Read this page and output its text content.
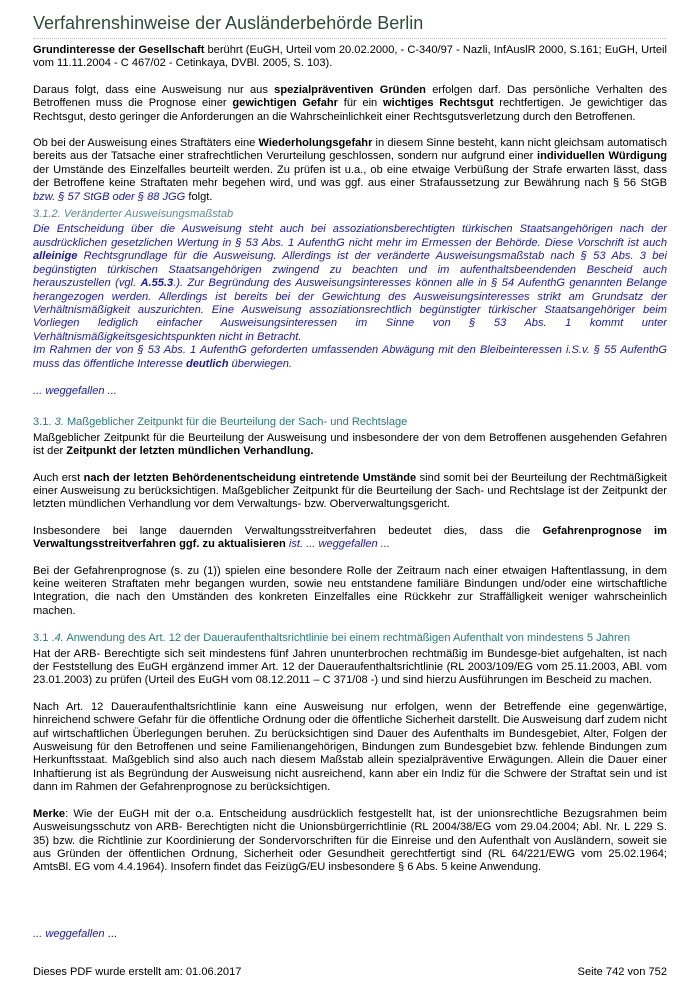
Verfahrenshinweise der Ausländerbehörde Berlin

Grundinteresse der Gesellschaft berührt (EuGH, Urteil vom 20.02.2000, - C-340/97 - Nazli, InfAuslR 2000, S.161; EuGH, Urteil vom 11.11.2004 - C 467/02 - Cetinkaya, DVBl. 2005, S. 103).

Daraus folgt, dass eine Ausweisung nur aus spezialpräventiven Gründen erfolgen darf. Das persönliche Verhalten des Betroffenen muss die Prognose einer gewichtigen Gefahr für ein wichtiges Rechtsgut rechtfertigen. Je gewichtiger das Rechtsgut, desto geringer die Anforderungen an die Wahrscheinlichkeit einer Rechtsgutsverletzung durch den Betroffenen.

Ob bei der Ausweisung eines Straftäters eine Wiederholungsgefahr in diesem Sinne besteht, kann nicht gleichsam automatisch bereits aus der Tatsache einer strafrechtlichen Verurteilung geschlossen, sondern nur aufgrund einer individuellen Würdigung der Umstände des Einzelfalles beurteilt werden. Zu prüfen ist u.a., ob eine etwaige Verbüßung der Strafe erwarten lässt, dass der Betroffene keine Straftaten mehr begehen wird, und was ggf. aus einer Strafaussetzung zur Bewährung nach § 56 StGB bzw. § 57 StGB oder § 88 JGG folgt.

3.1.2. Veränderter Ausweisungsmaßstab

Die Entscheidung über die Ausweisung steht auch bei assoziationsberechtigten türkischen Staatsangehörigen nach der ausdrücklichen gesetzlichen Wertung in § 53 Abs. 1 AufenthG nicht mehr im Ermessen der Behörde. Diese Vorschrift ist auch alleinige Rechtsgrundlage für die Ausweisung. Allerdings ist der veränderte Ausweisungsmaßstab nach § 53 Abs. 3 bei begünstigten türkischen Staatsangehörigen zwingend zu beachten und im aufenthaltsbeendenden Bescheid auch herauszustellen (vgl. A.55.3.). Zur Begründung des Ausweisungsinteresses können alle in § 54 AufenthG genannten Belange herangezogen werden. Allerdings ist bereits bei der Gewichtung des Ausweisungsinteresses strikt am Grundsatz der Verhältnismäßigkeit auszurichten. Eine Ausweisung assoziationsrechtlich begünstigter türkischer Staatsangehöriger beim Vorliegen lediglich einfacher Ausweisungsinteressen im Sinne von § 53 Abs. 1 kommt unter Verhältnismäßigkeitsgesichtspunkten nicht in Betracht.

Im Rahmen der von § 53 Abs. 1 AufenthG geforderten umfassenden Abwägung mit den Bleibeinteressen i.S.v. § 55 AufenthG muss das öffentliche Interesse deutlich überwiegen.

... weggefallen ...

3.1. 3. Maßgeblicher Zeitpunkt für die Beurteilung der Sach- und Rechtslage

Maßgeblicher Zeitpunkt für die Beurteilung der Ausweisung und insbesondere der von dem Betroffenen ausgehenden Gefahren ist der Zeitpunkt der letzten mündlichen Verhandlung.

Auch erst nach der letzten Behördenentscheidung eintretende Umstände sind somit bei der Beurteilung der Rechtmäßigkeit einer Ausweisung zu berücksichtigen. Maßgeblicher Zeitpunkt für die Beurteilung der Sach- und Rechtslage ist der Zeitpunkt der letzten mündlichen Verhandlung vor dem Verwaltungs- bzw. Oberverwaltungsgericht.

Insbesondere bei lange dauernden Verwaltungsstreitverfahren bedeutet dies, dass die Gefahrenprognose im Verwaltungsstreitverfahren ggf. zu aktualisieren ist. ... weggefallen ...

Bei der Gefahrenprognose (s. zu (1)) spielen eine besondere Rolle der Zeitraum nach einer etwaigen Haftentlassung, in dem keine weiteren Straftaten mehr begangen wurden, sowie neu entstandene familiäre Bindungen und/oder eine wirtschaftliche Integration, die nach den Umständen des konkreten Einzelfalles eine Rückkehr zur Straffälligkeit weniger wahrscheinlich machen.

3.1 .4. Anwendung des Art. 12 der Daueraufenthaltsrichtlinie bei einem rechtmäßigen Aufenthalt von mindestens 5 Jahren

Hat der ARB- Berechtigte sich seit mindestens fünf Jahren ununterbrochen rechtmäßig im Bundesge-biet aufgehalten, ist nach der Feststellung des EuGH ergänzend immer Art. 12 der Daueraufenthaltsrichtlinie (RL 2003/109/EG vom 25.11.2003, ABl. vom 23.01.2003) zu prüfen (Urteil des EuGH vom 08.12.2011 – C 371/08 -) und sind hierzu Ausführungen im Bescheid zu machen.

Nach Art. 12 Daueraufenthaltsrichtlinie kann eine Ausweisung nur erfolgen, wenn der Betreffende eine gegenwärtige, hinreichend schwere Gefahr für die öffentliche Ordnung oder die öffentliche Sicherheit darstellt. Die Ausweisung darf zudem nicht auf wirtschaftlichen Überlegungen beruhen. Zu berücksichtigen sind Dauer des Aufenthalts im Bundesgebiet, Alter, Folgen der Ausweisung für den Betroffenen und seine Familienangehörigen, Bindungen zum Bundesgebiet bzw. fehlende Bindungen zum Herkunftsstaat. Maßgeblich sind also auch nach diesem Maßstab allein spezialpräventive Erwägungen. Allein die Dauer einer Inhaftierung ist als Begründung der Ausweisung nicht ausreichend, kann aber ein Indiz für die Schwere der Straftat sein und ist dann im Rahmen der Gefahrenprognose zu berücksichtigen.

Merke: Wie der EuGH mit der o.a. Entscheidung ausdrücklich festgestellt hat, ist der unionsrechtliche Bezugsrahmen beim Ausweisungsschutz von ARB- Berechtigten nicht die Unionsbürgerrichtlinie (RL 2004/38/EG vom 29.04.2004; Abl. Nr. L 229 S. 35) bzw. die Richtlinie zur Koordinierung der Sondervorschriften für die Einreise und den Aufenthalt von Ausländern, soweit sie aus Gründen der öffentlichen Ordnung, Sicherheit oder Gesundheit gerechtfertigt sind (RL 64/221/EWG vom 25.02.1964; AmtsBl. EG vom 4.4.1964). Insofern findet das FeizügG/EU insbesondere § 6 Abs. 5 keine Anwendung.

... weggefallen ...
Dieses PDF wurde erstellt am: 01.06.2017	Seite 742 von 752
